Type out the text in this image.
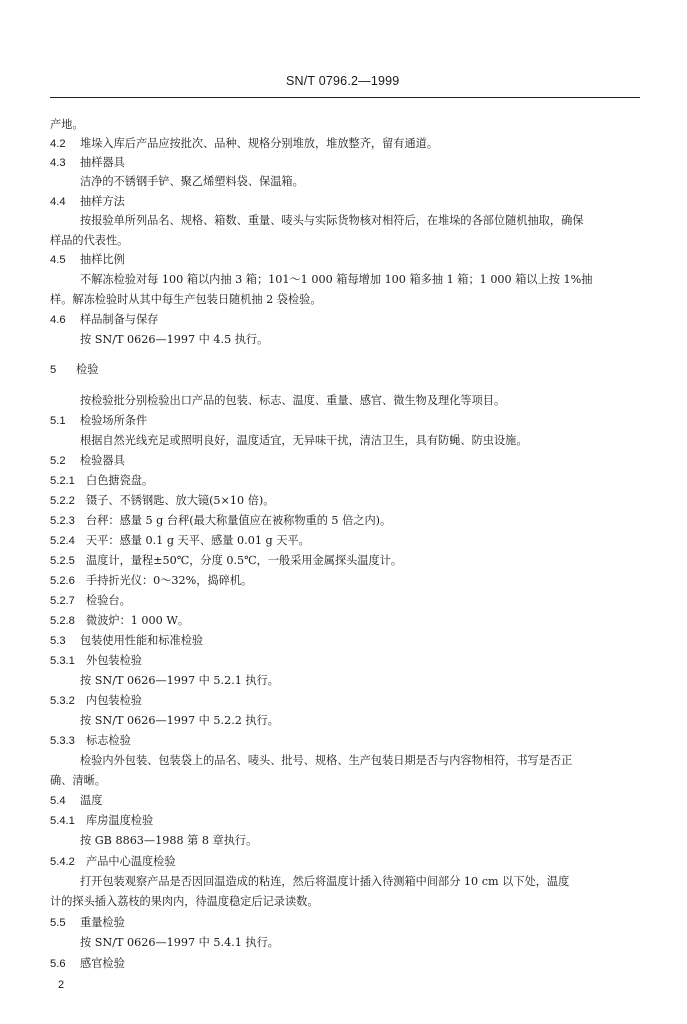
SN/T 0796.2—1999
产地。
4.2 堆垛入库后产品应按批次、品种、规格分别堆放，堆放整齐，留有通道。
4.3 抽样器具
洁净的不锈钢手铲、聚乙烯塑料袋、保温箱。
4.4 抽样方法
按报验单所列品名、规格、箱数、重量、唛头与实际货物核对相符后，在堆垛的各部位随机抽取，确保
样品的代表性。
4.5 抽样比例
不解冻检验对每 100 箱以内抽 3 箱；101～1 000 箱每增加 100 箱多抽 1 箱；1 000 箱以上按 1%抽
样。解冻检验时从其中每生产包装日随机抽 2 袋检验。
4.6 样品制备与保存
按 SN/T 0626—1997 中 4.5 执行。
5 检验
按检验批分别检验出口产品的包装、标志、温度、重量、感官、微生物及理化等项目。
5.1 检验场所条件
根据自然光线充足或照明良好，温度适宜，无异味干扰，清洁卫生，具有防蝇、防虫设施。
5.2 检验器具
5.2.1 白色搪瓷盘。
5.2.2 镊子、不锈钢匙、放大镜(5×10 倍)。
5.2.3 台秤：感量 5 g 台秤(最大称量值应在被称物重的 5 倍之内)。
5.2.4 天平：感量 0.1 g 天平、感量 0.01 g 天平。
5.2.5 温度计，量程±50℃，分度 0.5℃，一般采用金属探头温度计。
5.2.6 手持折光仪：0～32%，捣碎机。
5.2.7 检验台。
5.2.8 微波炉：1 000 W。
5.3 包装使用性能和标准检验
5.3.1 外包装检验
按 SN/T 0626—1997 中 5.2.1 执行。
5.3.2 内包装检验
按 SN/T 0626—1997 中 5.2.2 执行。
5.3.3 标志检验
检验内外包装、包装袋上的品名、唛头、批号、规格、生产包装日期是否与内容物相符，书写是否正
确、清晰。
5.4 温度
5.4.1 库房温度检验
按 GB 8863—1988 第 8 章执行。
5.4.2 产品中心温度检验
打开包装观察产品是否因回温造成的粘连，然后将温度计插入待测箱中间部分 10 cm 以下处，温度
计的探头插入荔枝的果肉内，待温度稳定后记录读数。
5.5 重量检验
按 SN/T 0626—1997 中 5.4.1 执行。
5.6 感官检验
2
